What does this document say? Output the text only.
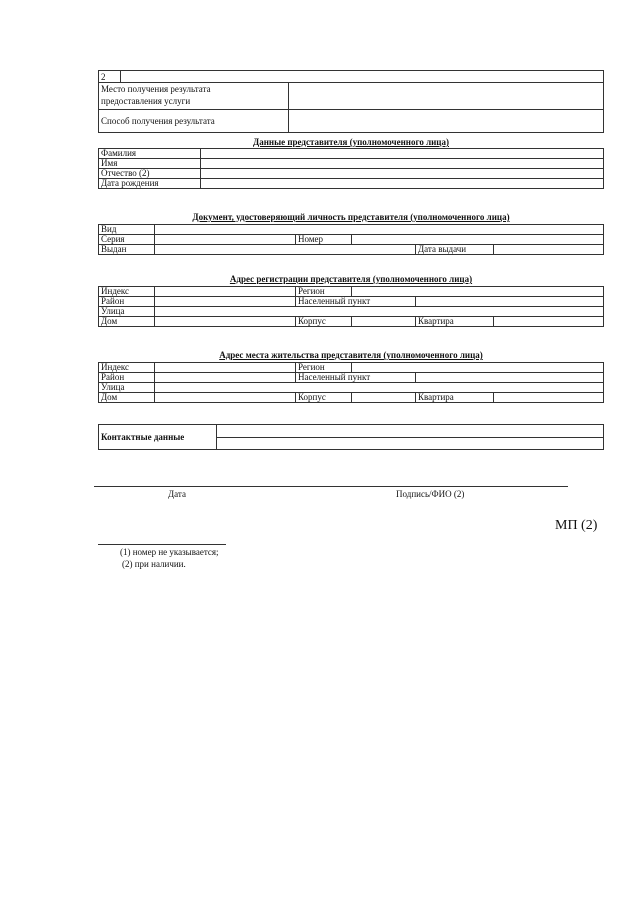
2		
Место получения результата
предоставления услуги		
Способ получения результата		
Данные представителя (уполномоченного лица)
Фамилия	
Имя	
Отчество (2)	
Дата рождения	
Документ, удостоверяющий личность представителя (уполномоченного лица)
Вид					
Серия		Номер			
Выдан				Дата выдачи	
Адрес регистрации представителя (уполномоченного лица)
Индекс		Регион			
Район		Населенный пункт			
Улица					
Дом		Корпус		Квартира	
Адрес места жительства представителя (уполномоченного лица)
Индекс		Регион			
Район		Населенный пункт			
Улица					
Дом		Корпус		Квартира	
Контактные данные	

Дата	Подпись/ФИО (2)
МП (2)
(1) номер не указывается;
(2) при наличии.
